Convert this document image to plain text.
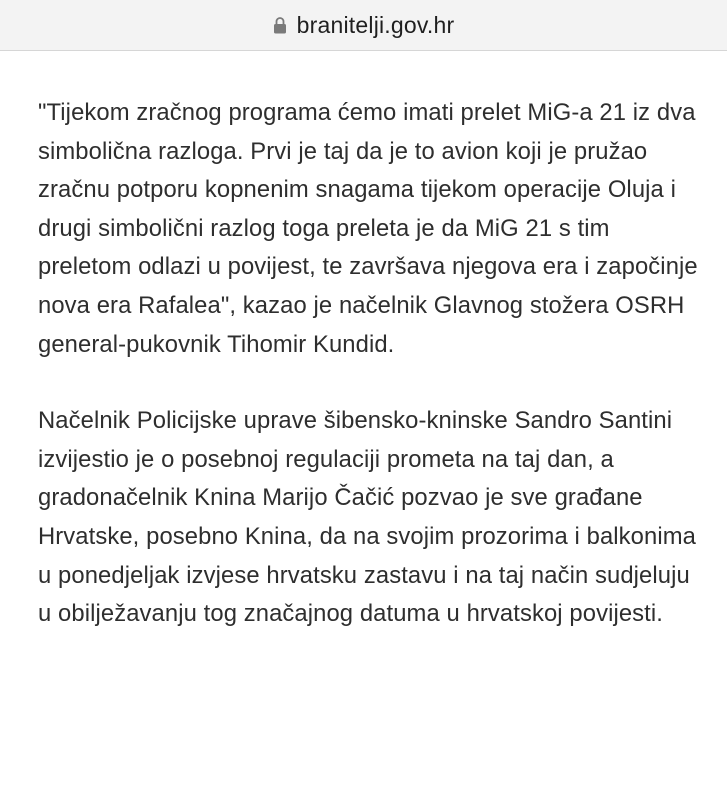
branitelji.gov.hr

"Tijekom zračnog programa ćemo imati prelet MiG-a 21 iz dva simbolična razloga. Prvi je taj da je to avion koji je pružao zračnu potporu kopnenim snagama tijekom operacije Oluja i drugi simbolični razlog toga preleta je da MiG 21 s tim preletom odlazi u povijest, te završava njegova era i započinje nova era Rafalea", kazao je načelnik Glavnog stožera OSRH general-pukovnik Tihomir Kundid.

Načelnik Policijske uprave šibensko-kninske Sandro Santini izvijestio je o posebnoj regulaciji prometa na taj dan, a gradonačelnik Knina Marijo Čačić pozvao je sve građane Hrvatske, posebno Knina, da na svojim prozorima i balkonima u ponedjeljak izvjese hrvatsku zastavu i na taj način sudjeluju u obilježavanju tog značajnog datuma u hrvatskoj povijesti.
